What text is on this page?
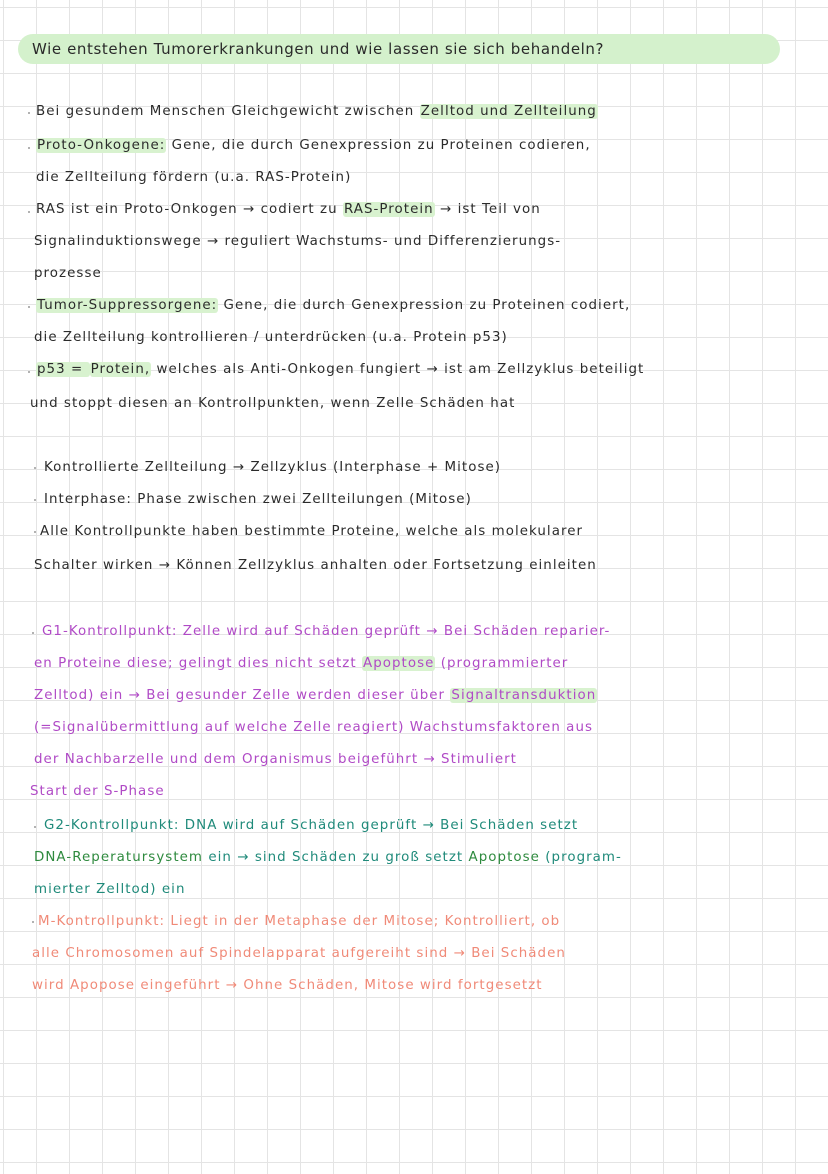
Wie entstehen Tumorerkrankungen und wie lassen sie sich behandeln?
Bei gesundem Menschen Gleichgewicht zwischen Zelltod und Zellteilung
Proto-Onkogene: Gene, die durch Genexpression zu Proteinen codieren,
die Zellteilung fördern (u.a. RAS-Protein)
RAS ist ein Proto-Onkogen → codiert zu RAS-Protein → ist Teil von
Signalinduktionswege → reguliert Wachstums- und Differenzierungs-
prozesse
Tumor-Suppressorgene: Gene, die durch Genexpression zu Proteinen codiert,
die Zellteilung kontrollieren / unterdrücken (u.a. Protein p53)
p53 = Protein, welches als Anti-Onkogen fungiert → ist am Zellzyklus beteiligt
und stoppt diesen an Kontrollpunkten, wenn Zelle Schäden hat
Kontrollierte Zellteilung → Zellzyklus (Interphase + Mitose)
Interphase: Phase zwischen zwei Zellteilungen (Mitose)
Alle Kontrollpunkte haben bestimmte Proteine, welche als molekularer
Schalter wirken → Können Zellzyklus anhalten oder Fortsetzung einleiten
G1-Kontrollpunkt: Zelle wird auf Schäden geprüft → Bei Schäden reparier-
en Proteine diese; gelingt dies nicht setzt Apoptose (programmierter
Zelltod) ein → Bei gesunder Zelle werden dieser über Signaltransduktion
(=Signalübermittlung auf welche Zelle reagiert) Wachstumsfaktoren aus
der Nachbarzelle und dem Organismus beigeführt → Stimuliert
Start der S-Phase
G2-Kontrollpunkt: DNA wird auf Schäden geprüft → Bei Schäden setzt
DNA-Reperatursystem ein → sind Schäden zu groß setzt Apoptose (program-
mierter Zelltod) ein
M-Kontrollpunkt: Liegt in der Metaphase der Mitose; Kontrolliert, ob
alle Chromosomen auf Spindelapparat aufgereiht sind → Bei Schäden
wird Apopose eingeführt → Ohne Schäden, Mitose wird fortgesetzt
